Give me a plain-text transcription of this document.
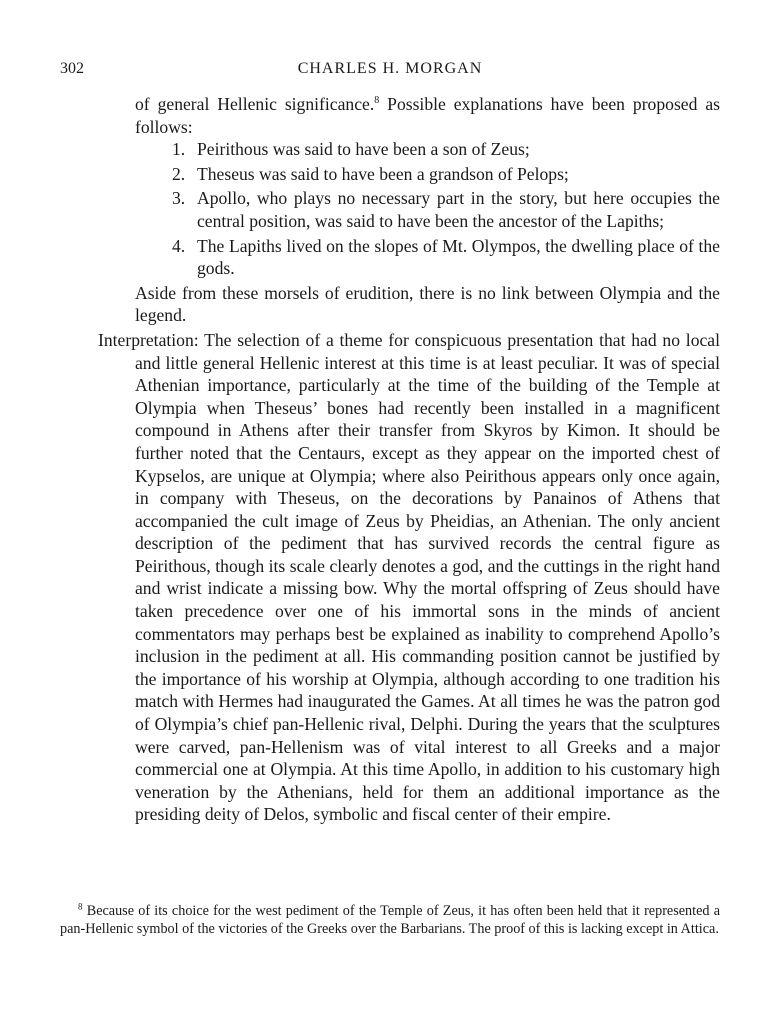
302	CHARLES H. MORGAN

of general Hellenic significance.$^8$ Possible explanations have been proposed as follows:

1. Peirithous was said to have been a son of Zeus;
2. Theseus was said to have been a grandson of Pelops;
3. Apollo, who plays no necessary part in the story, but here occupies the central position, was said to have been the ancestor of the Lapiths;
4. The Lapiths lived on the slopes of Mt. Olympos, the dwelling place of the gods.

Aside from these morsels of erudition, there is no link between Olympia and the legend.

Interpretation: The selection of a theme for conspicuous presentation that had no local and little general Hellenic interest at this time is at least peculiar. It was of special Athenian importance, particularly at the time of the building of the Temple at Olympia when Theseus’ bones had recently been installed in a magnificent compound in Athens after their transfer from Skyros by Kimon. It should be further noted that the Centaurs, except as they appear on the imported chest of Kypselos, are unique at Olympia; where also Peirithous appears only once again, in company with Theseus, on the decorations by Panainos of Athens that accompanied the cult image of Zeus by Pheidias, an Athenian. The only ancient description of the pediment that has survived records the central figure as Peirithous, though its scale clearly denotes a god, and the cuttings in the right hand and wrist indicate a missing bow. Why the mortal offspring of Zeus should have taken precedence over one of his immortal sons in the minds of ancient commentators may perhaps best be explained as inability to comprehend Apollo’s inclusion in the pediment at all. His commanding position cannot be justified by the importance of his worship at Olympia, although according to one tradition his match with Hermes had inaugurated the Games. At all times he was the patron god of Olympia’s chief pan-Hellenic rival, Delphi. During the years that the sculptures were carved, pan-Hellenism was of vital interest to all Greeks and a major commercial one at Olympia. At this time Apollo, in addition to his customary high veneration by the Athenians, held for them an additional importance as the presiding deity of Delos, symbolic and fiscal center of their empire.

$^8$ Because of its choice for the west pediment of the Temple of Zeus, it has often been held that it represented a pan-Hellenic symbol of the victories of the Greeks over the Barbarians. The proof of this is lacking except in Attica.
